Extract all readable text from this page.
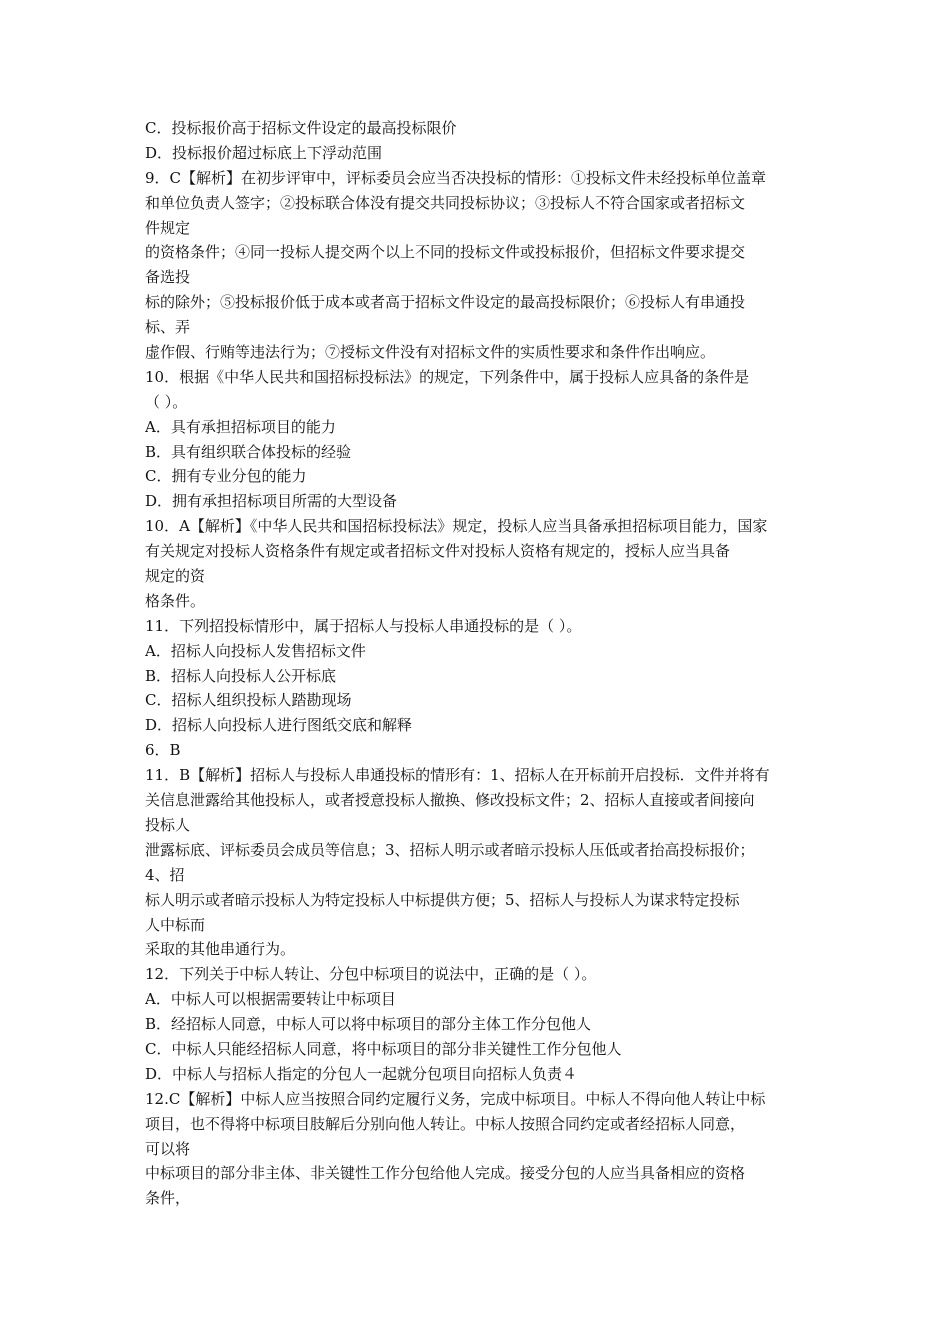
C．投标报价高于招标文件设定的最高投标限价
D．投标报价超过标底上下浮动范围
9．C【解析】在初步评审中，评标委员会应当否决投标的情形：①投标文件未经投标单位盖章
和单位负责人签字；②投标联合体没有提交共同投标协议；③投标人不符合国家或者招标文
件规定
的资格条件；④同一投标人提交两个以上不同的投标文件或投标报价，但招标文件要求提交
备选投
标的除外；⑤投标报价低于成本或者高于招标文件设定的最高投标限价；⑥投标人有串通投
标、弄
虚作假、行贿等违法行为；⑦授标文件没有对招标文件的实质性要求和条件作出响应。
10．根据《中华人民共和国招标投标法》的规定，下列条件中，属于投标人应具备的条件是
（ ）。
A．具有承担招标项目的能力
B．具有组织联合体投标的经验
C．拥有专业分包的能力
D．拥有承担招标项目所需的大型设备
10．A【解析】《中华人民共和国招标投标法》规定，投标人应当具备承担招标项目能力，国家
有关规定对投标人资格条件有规定或者招标文件对投标人资格有规定的，授标人应当具备
规定的资
格条件。
11．下列招投标情形中，属于招标人与投标人串通投标的是（ ）。
A．招标人向投标人发售招标文件
B．招标人向投标人公开标底
C．招标人组织投标人踏勘现场
D．招标人向投标人进行图纸交底和解释
6．B
11．B【解析】招标人与投标人串通投标的情形有：1、招标人在开标前开启投标．文件并将有
关信息泄露给其他投标人，或者授意投标人撤换、修改投标文件；2、招标人直接或者间接向
投标人
泄露标底、评标委员会成员等信息；3、招标人明示或者暗示投标人压低或者抬高投标报价；
4、招
标人明示或者暗示投标人为特定投标人中标提供方便；5、招标人与投标人为谋求特定投标
人中标而
采取的其他串通行为。
12．下列关于中标人转让、分包中标项目的说法中，正确的是（ ）。
A．中标人可以根据需要转让中标项目
B．经招标人同意，中标人可以将中标项目的部分主体工作分包他人
C．中标人只能经招标人同意，将中标项目的部分非关键性工作分包他人
D．中标人与招标人指定的分包人一起就分包项目向招标人负责４
12.C【解析】中标人应当按照合同约定履行义务，完成中标项目。中标人不得向他人转让中标
项目，也不得将中标项目肢解后分别向他人转让。中标人按照合同约定或者经招标人同意，
可以将
中标项目的部分非主体、非关键性工作分包给他人完成。接受分包的人应当具备相应的资格
条件，
